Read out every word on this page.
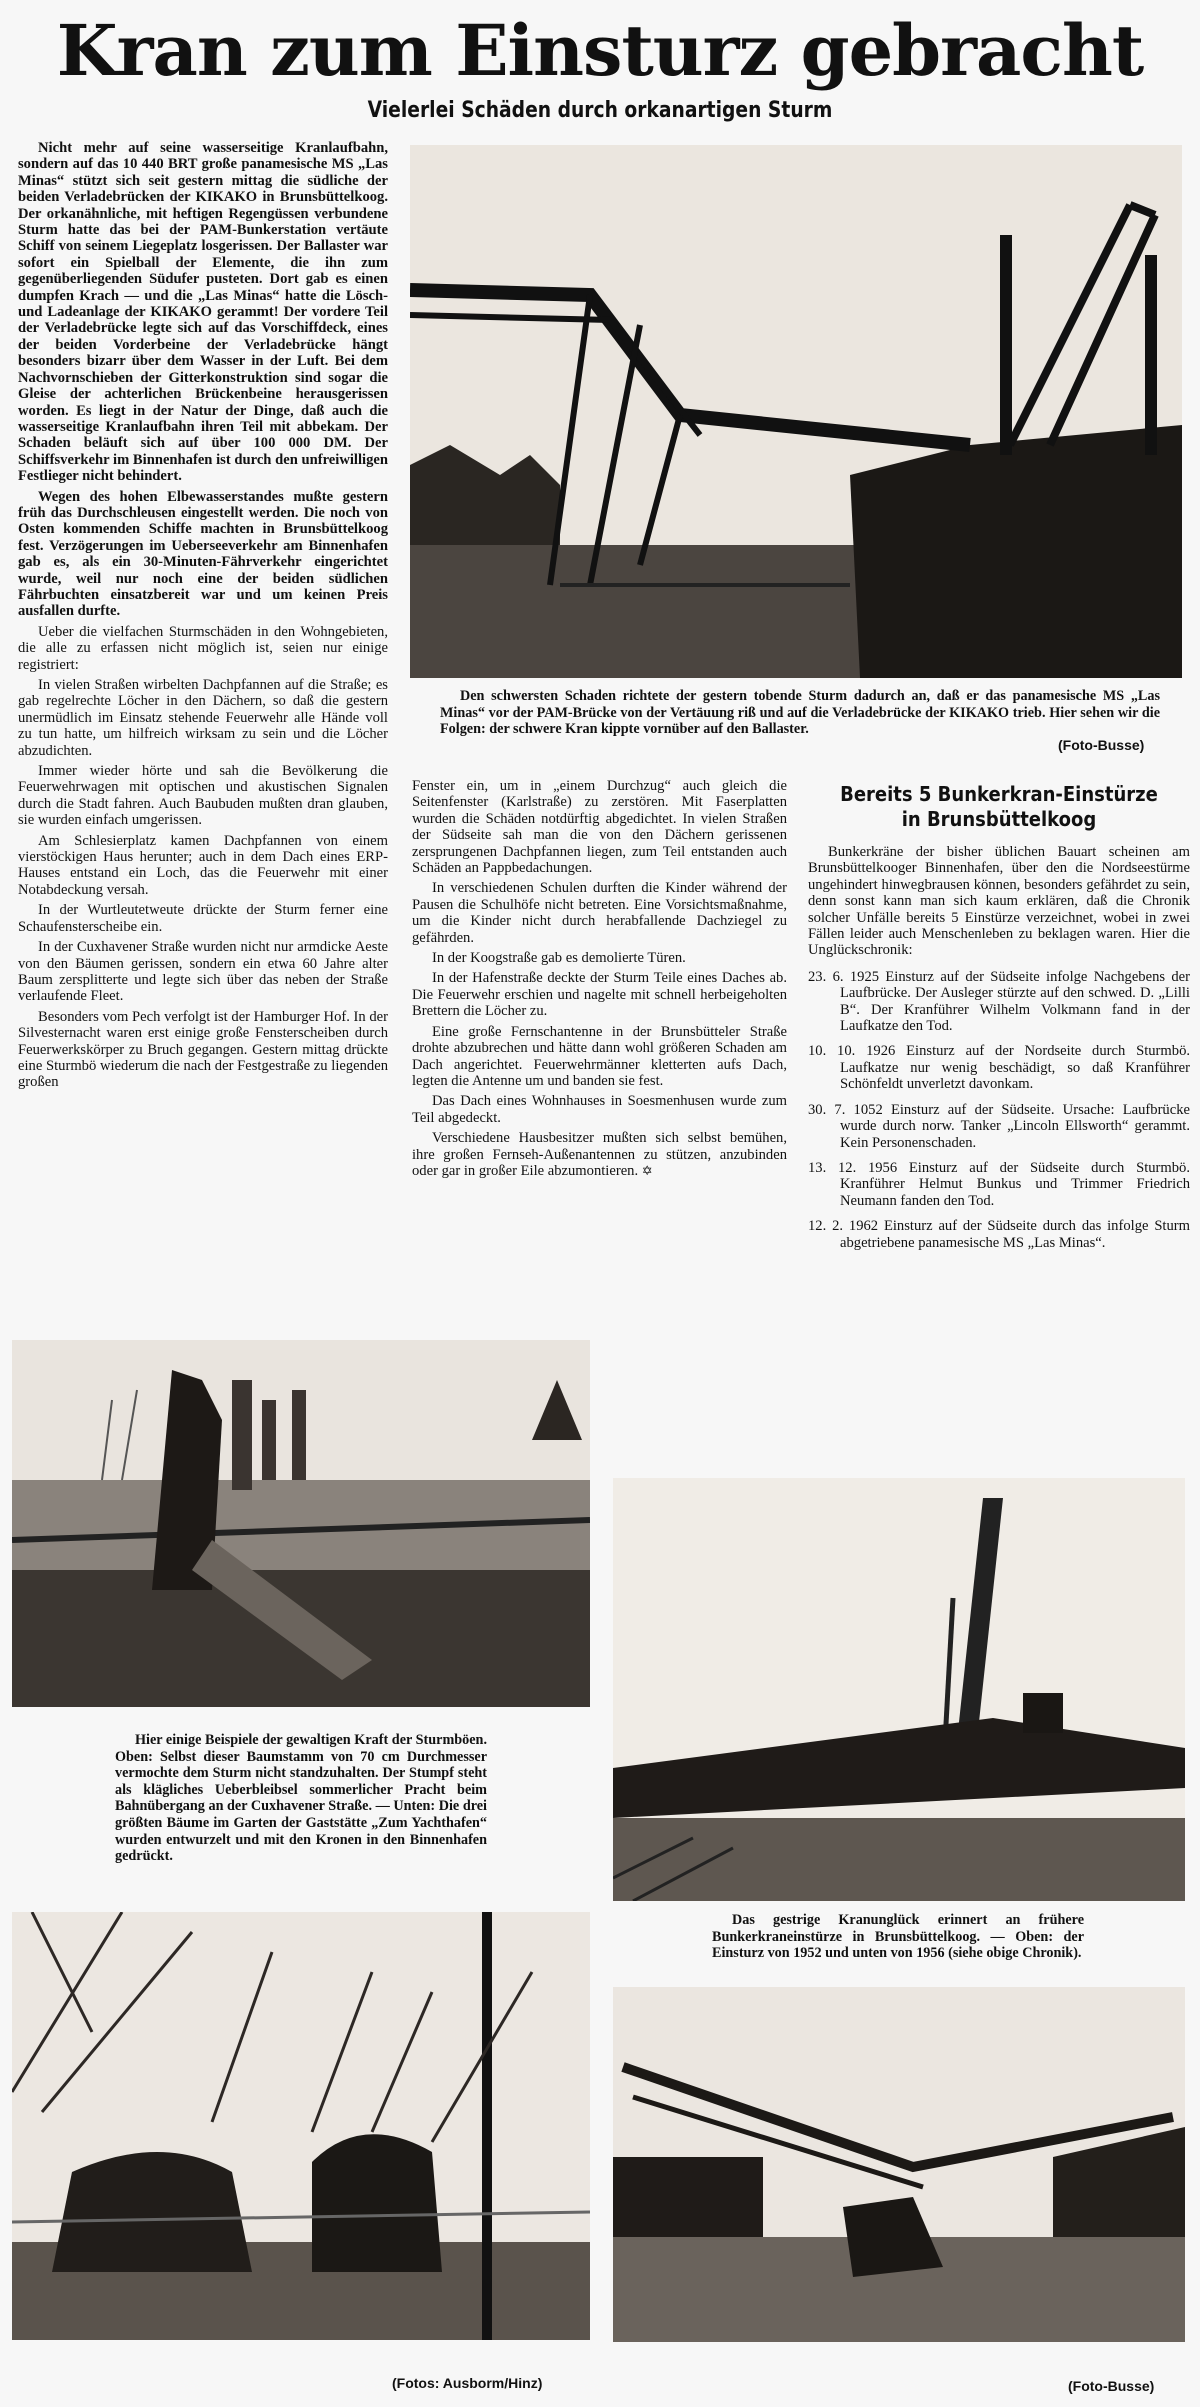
Kran zum Einsturz gebracht
Vielerlei Schäden durch orkanartigen Sturm

Nicht mehr auf seine wasserseitige Kranlaufbahn, sondern auf das 10 440 BRT große panamesische MS „Las Minas“ stützt sich seit gestern mittag die südliche der beiden Verladebrücken der KIKAKO in Brunsbüttelkoog. Der orkanähnliche, mit heftigen Regengüssen verbundene Sturm hatte das bei der PAM-Bunkerstation vertäute Schiff von seinem Liegeplatz losgerissen. Der Ballaster war sofort ein Spielball der Elemente, die ihn zum gegenüberliegenden Südufer pusteten. Dort gab es einen dumpfen Krach — und die „Las Minas“ hatte die Lösch- und Ladeanlage der KIKAKO gerammt! Der vordere Teil der Verladebrücke legte sich auf das Vorschiffdeck, eines der beiden Vorderbeine der Verladebrücke hängt besonders bizarr über dem Wasser in der Luft. Bei dem Nachvornschieben der Gitterkonstruktion sind sogar die Gleise der achterlichen Brückenbeine herausgerissen worden. Es liegt in der Natur der Dinge, daß auch die wasserseitige Kranlaufbahn ihren Teil mit abbekam. Der Schaden beläuft sich auf über 100 000 DM. Der Schiffsverkehr im Binnenhafen ist durch den unfreiwilligen Festlieger nicht behindert.

Wegen des hohen Elbewasserstandes mußte gestern früh das Durchschleusen eingestellt werden. Die noch von Osten kommenden Schiffe machten in Brunsbüttelkoog fest. Verzögerungen im Ueberseeverkehr am Binnenhafen gab es, als ein 30-Minuten-Fährverkehr eingerichtet wurde, weil nur noch eine der beiden südlichen Fährbuchten einsatzbereit war und um keinen Preis ausfallen durfte.

Ueber die vielfachen Sturmschäden in den Wohngebieten, die alle zu erfassen nicht möglich ist, seien nur einige registriert:

In vielen Straßen wirbelten Dachpfannen auf die Straße; es gab regelrechte Löcher in den Dächern, so daß die gestern unermüdlich im Einsatz stehende Feuerwehr alle Hände voll zu tun hatte, um hilfreich wirksam zu sein und die Löcher abzudichten.

Immer wieder hörte und sah die Bevölkerung die Feuerwehrwagen mit optischen und akustischen Signalen durch die Stadt fahren. Auch Baubuden mußten dran glauben, sie wurden einfach umgerissen.

Am Schlesierplatz kamen Dachpfannen von einem vierstöckigen Haus herunter; auch in dem Dach eines ERP-Hauses entstand ein Loch, das die Feuerwehr mit einer Notabdeckung versah.

In der Wurtleutetweute drückte der Sturm ferner eine Schaufensterscheibe ein.

In der Cuxhavener Straße wurden nicht nur armdicke Aeste von den Bäumen gerissen, sondern ein etwa 60 Jahre alter Baum zersplitterte und legte sich über das neben der Straße verlaufende Fleet.

Besonders vom Pech verfolgt ist der Hamburger Hof. In der Silvesternacht waren erst einige große Fensterscheiben durch Feuerwerkskörper zu Bruch gegangen. Gestern mittag drückte eine Sturmbö wiederum die nach der Festgestraße zu liegenden großen

Den schwersten Schaden richtete der gestern tobende Sturm dadurch an, daß er das panamesische MS „Las Minas“ vor der PAM-Brücke von der Vertäuung riß und auf die Verladebrücke der KIKAKO trieb. Hier sehen wir die Folgen: der schwere Kran kippte vornüber auf den Ballaster.

(Foto-Busse)

Fenster ein, um in „einem Durchzug“ auch gleich die Seitenfenster (Karlstraße) zu zerstören. Mit Faserplatten wurden die Schäden notdürftig abgedichtet. In vielen Straßen der Südseite sah man die von den Dächern gerissenen zersprungenen Dachpfannen liegen, zum Teil entstanden auch Schäden an Pappbedachungen.

In verschiedenen Schulen durften die Kinder während der Pausen die Schulhöfe nicht betreten. Eine Vorsichtsmaßnahme, um die Kinder nicht durch herabfallende Dachziegel zu gefährden.

In der Koogstraße gab es demolierte Türen.

In der Hafenstraße deckte der Sturm Teile eines Daches ab. Die Feuerwehr erschien und nagelte mit schnell herbeigeholten Brettern die Löcher zu.

Eine große Fernschantenne in der Brunsbütteler Straße drohte abzubrechen und hätte dann wohl größeren Schaden am Dach angerichtet. Feuerwehrmänner kletterten aufs Dach, legten die Antenne um und banden sie fest.

Das Dach eines Wohnhauses in Soesmenhusen wurde zum Teil abgedeckt.

Verschiedene Hausbesitzer mußten sich selbst bemühen, ihre großen Fernseh-Außenantennen zu stützen, anzubinden oder gar in großer Eile abzumontieren. ✡

Bereits 5 Bunkerkran-Einstürze
in Brunsbüttelkoog

Bunkerkräne der bisher üblichen Bauart scheinen am Brunsbüttelkooger Binnenhafen, über den die Nordseestürme ungehindert hinwegbrausen können, besonders gefährdet zu sein, denn sonst kann man sich kaum erklären, daß die Chronik solcher Unfälle bereits 5 Einstürze verzeichnet, wobei in zwei Fällen leider auch Menschenleben zu beklagen waren. Hier die Unglückschronik:

23. 6. 1925 Einsturz auf der Südseite infolge Nachgebens der Laufbrücke. Der Ausleger stürzte auf den schwed. D. „Lilli B“. Der Kranführer Wilhelm Volkmann fand in der Laufkatze den Tod.
10. 10. 1926 Einsturz auf der Nordseite durch Sturmbö. Laufkatze nur wenig beschädigt, so daß Kranführer Schönfeldt unverletzt davonkam.
30. 7. 1052 Einsturz auf der Südseite. Ursache: Laufbrücke wurde durch norw. Tanker „Lincoln Ellsworth“ gerammt. Kein Personenschaden.
13. 12. 1956 Einsturz auf der Südseite durch Sturmbö. Kranführer Helmut Bunkus und Trimmer Friedrich Neumann fanden den Tod.
12. 2. 1962 Einsturz auf der Südseite durch das infolge Sturm abgetriebene panamesische MS „Las Minas“.

Hier einige Beispiele der gewaltigen Kraft der Sturmböen. Oben: Selbst dieser Baumstamm von 70 cm Durchmesser vermochte dem Sturm nicht standzuhalten. Der Stumpf steht als klägliches Ueberbleibsel sommerlicher Pracht beim Bahnübergang an der Cuxhavener Straße. — Unten: Die drei größten Bäume im Garten der Gaststätte „Zum Yachthafen“ wurden entwurzelt und mit den Kronen in den Binnenhafen gedrückt.

Das gestrige Kranunglück erinnert an frühere Bunkerkraneinstürze in Brunsbüttelkoog. — Oben: der Einsturz von 1952 und unten von 1956 (siehe obige Chronik).

(Fotos: Ausborm/Hinz)	(Foto-Busse)
